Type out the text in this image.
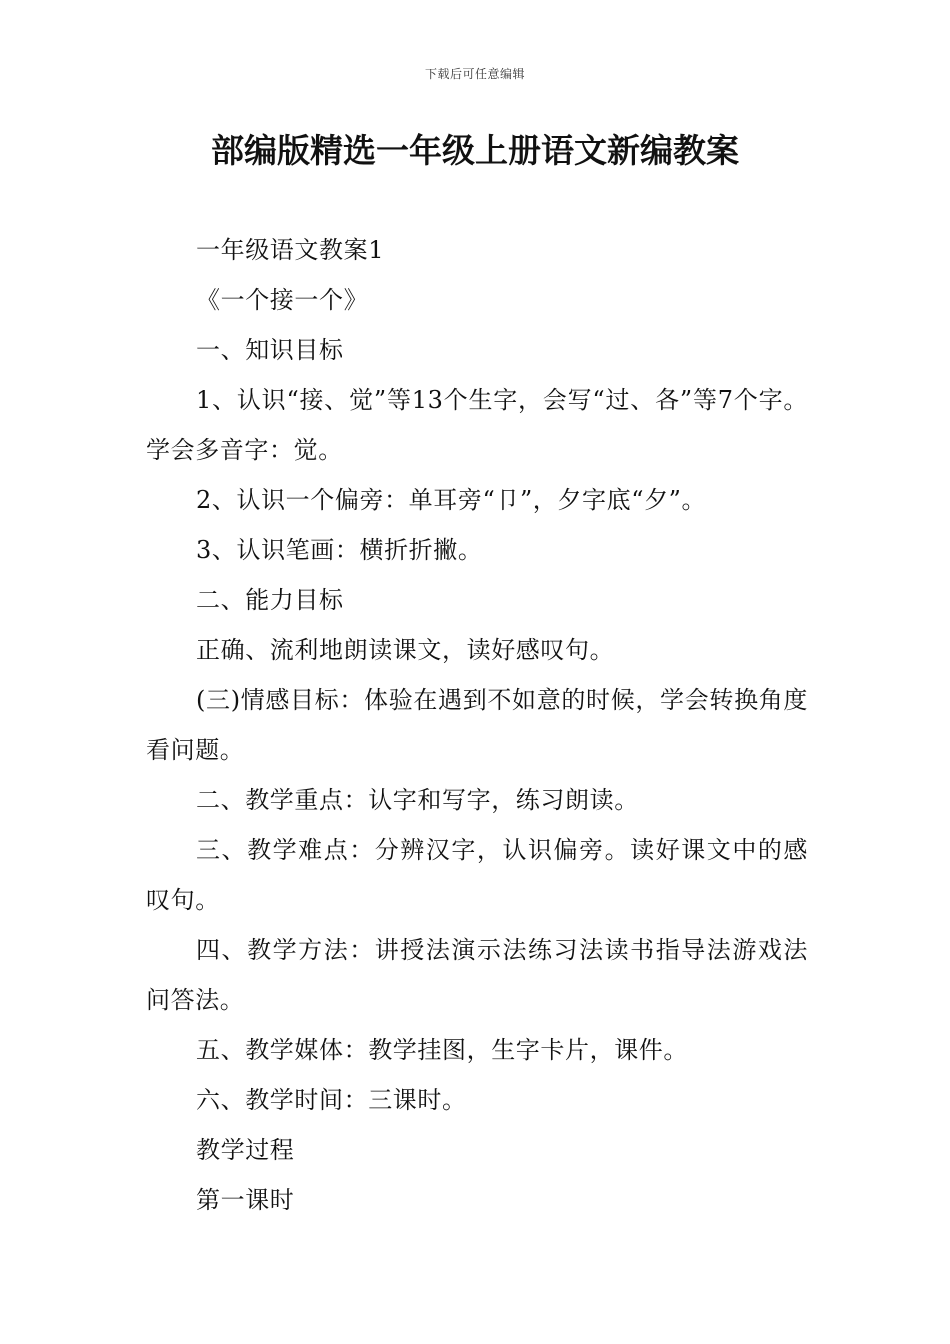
下载后可任意编辑
部编版精选一年级上册语文新编教案

一年级语文教案1

《一个接一个》

一、知识目标

1、认识“接、觉”等13个生字，会写“过、各”等7个字。学会多音字：觉。

2、认识一个偏旁：单耳旁“卩”，夕字底“夕”。

3、认识笔画：横折折撇。

二、能力目标

正确、流利地朗读课文，读好感叹句。

(三)情感目标：体验在遇到不如意的时候，学会转换角度看问题。

二、教学重点：认字和写字，练习朗读。

三、教学难点：分辨汉字，认识偏旁。读好课文中的感叹句。

四、教学方法：讲授法演示法练习法读书指导法游戏法问答法。

五、教学媒体：教学挂图，生字卡片，课件。

六、教学时间：三课时。

教学过程

第一课时
